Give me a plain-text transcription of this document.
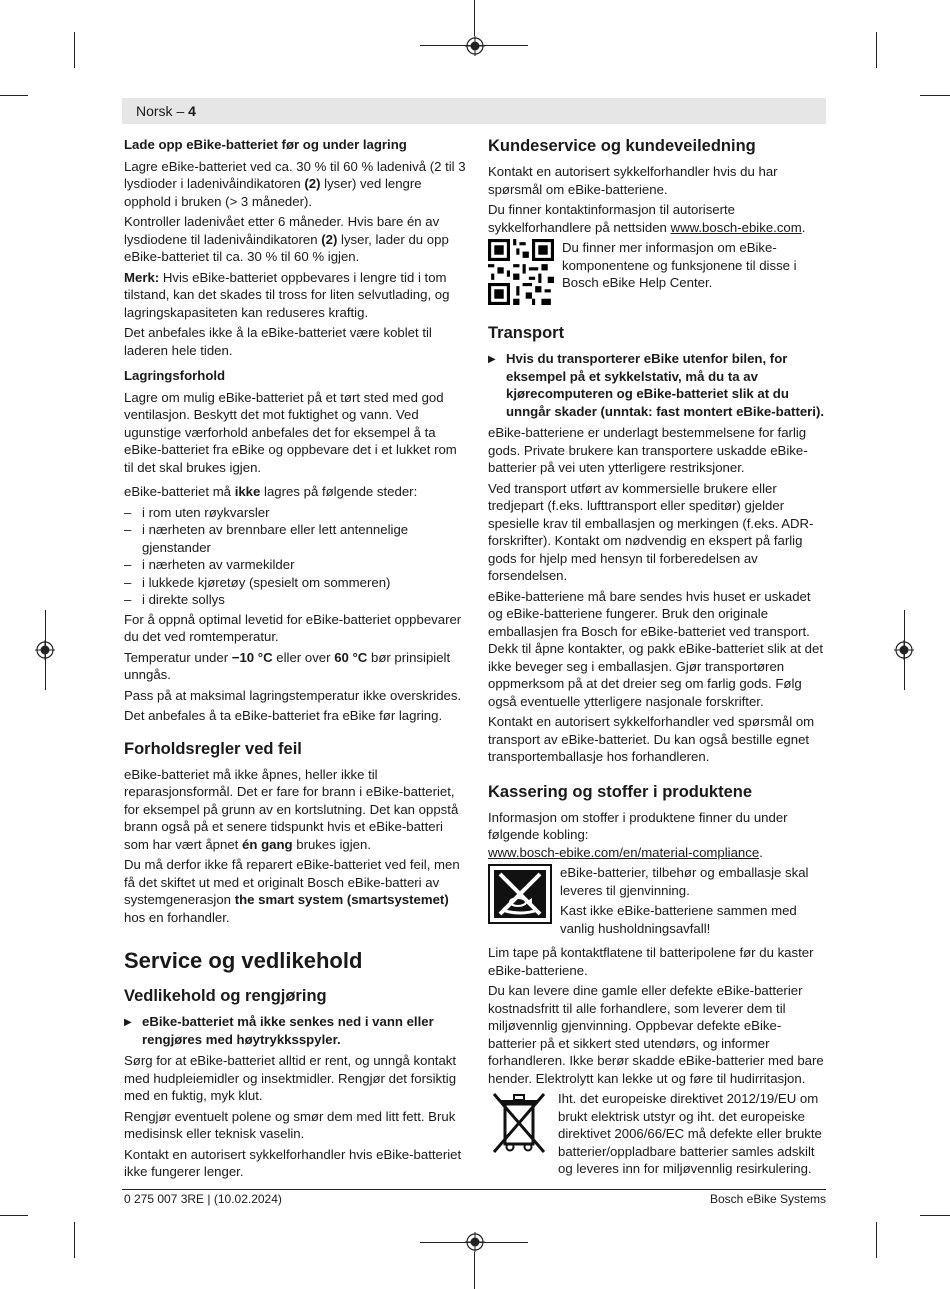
Norsk – 4
Lade opp eBike-batteriet før og under lagring

Lagre eBike-batteriet ved ca. 30 % til 60 % ladenivå (2 til 3 lysdioder i ladenivåindikatoren (2) lyser) ved lengre opphold i bruken (> 3 måneder).

Kontroller ladenivået etter 6 måneder. Hvis bare én av lysdiodene til ladenivåindikatoren (2) lyser, lader du opp eBike-batteriet til ca. 30 % til 60 % igjen.

Merk: Hvis eBike-batteriet oppbevares i lengre tid i tom tilstand, kan det skades til tross for liten selvutlading, og lagringskapasiteten kan reduseres kraftig.

Det anbefales ikke å la eBike-batteriet være koblet til laderen hele tiden.

Lagringsforhold

Lagre om mulig eBike-batteriet på et tørt sted med god ventilasjon. Beskytt det mot fuktighet og vann. Ved ugunstige værforhold anbefales det for eksempel å ta eBike-batteriet fra eBike og oppbevare det i et lukket rom til det skal brukes igjen.

eBike-batteriet må ikke lagres på følgende steder:

– i rom uten røykvarsler
– i nærheten av brennbare eller lett antennelige gjenstander
– i nærheten av varmekilder
– i lukkede kjøretøy (spesielt om sommeren)
– i direkte sollys

For å oppnå optimal levetid for eBike-batteriet oppbevarer du det ved romtemperatur.

Temperatur under −10 °C eller over 60 °C bør prinsipielt unngås.

Pass på at maksimal lagringstemperatur ikke overskrides.

Det anbefales å ta eBike-batteriet fra eBike før lagring.

Forholdsregler ved feil

eBike-batteriet må ikke åpnes, heller ikke til reparasjonsformål. Det er fare for brann i eBike-batteriet, for eksempel på grunn av en kortslutning. Det kan oppstå brann også på et senere tidspunkt hvis et eBike-batteri som har vært åpnet én gang brukes igjen.

Du må derfor ikke få reparert eBike-batteriet ved feil, men få det skiftet ut med et originalt Bosch eBike-batteri av systemgenerasjon the smart system (smartsystemet) hos en forhandler.

Service og vedlikehold
Vedlikehold og rengjøring
▶ eBike-batteriet må ikke senkes ned i vann eller rengjøres med høytrykksspyler.

Sørg for at eBike-batteriet alltid er rent, og unngå kontakt med hudpleiemidler og insektmidler. Rengjør det forsiktig med en fuktig, myk klut.

Rengjør eventuelt polene og smør dem med litt fett. Bruk medisinsk eller teknisk vaselin.

Kontakt en autorisert sykkelforhandler hvis eBike-batteriet ikke fungerer lenger.

Kundeservice og kundeveiledning

Kontakt en autorisert sykkelforhandler hvis du har spørsmål om eBike-batteriene.

Du finner kontaktinformasjon til autoriserte sykkelforhandlere på nettsiden www.bosch-ebike.com.

Du finner mer informasjon om eBike-komponentene og funksjonene til disse i Bosch eBike Help Center.
Transport
▶ Hvis du transporterer eBike utenfor bilen, for eksempel på et sykkelstativ, må du ta av kjørecomputeren og eBike-batteriet slik at du unngår skader (unntak: fast montert eBike-batteri).

eBike-batteriene er underlagt bestemmelsene for farlig gods. Private brukere kan transportere uskadde eBike-batterier på vei uten ytterligere restriksjoner.

Ved transport utført av kommersielle brukere eller tredjepart (f.eks. lufttransport eller speditør) gjelder spesielle krav til emballasjen og merkingen (f.eks. ADR-forskrifter). Kontakt om nødvendig en ekspert på farlig gods for hjelp med hensyn til forberedelsen av forsendelsen.

eBike-batteriene må bare sendes hvis huset er uskadet og eBike-batteriene fungerer. Bruk den originale emballasjen fra Bosch for eBike-batteriet ved transport. Dekk til åpne kontakter, og pakk eBike-batteriet slik at det ikke beveger seg i emballasjen. Gjør transportøren oppmerksom på at det dreier seg om farlig gods. Følg også eventuelle ytterligere nasjonale forskrifter.

Kontakt en autorisert sykkelforhandler ved spørsmål om transport av eBike-batteriet. Du kan også bestille egnet transportemballasje hos forhandleren.

Kassering og stoffer i produktene

Informasjon om stoffer i produktene finner du under følgende kobling:
www.bosch-ebike.com/en/material-compliance.

eBike-batterier, tilbehør og emballasje skal leveres til gjenvinning.

Kast ikke eBike-batteriene sammen med vanlig husholdningsavfall!

Lim tape på kontaktflatene til batteripolene før du kaster eBike-batteriene.

Du kan levere dine gamle eller defekte eBike-batterier kostnadsfritt til alle forhandlere, som leverer dem til miljøvennlig gjenvinning. Oppbevar defekte eBike-batterier på et sikkert sted utendørs, og informer forhandleren. Ikke berør skadde eBike-batterier med bare hender. Elektrolytt kan lekke ut og føre til hudirritasjon.

Iht. det europeiske direktivet 2012/19/EU om brukt elektrisk utstyr og iht. det europeiske direktivet 2006/66/EC må defekte eller brukte batterier/oppladbare batterier samles adskilt og leveres inn for miljøvennlig resirkulering.
0 275 007 3RE | (10.02.2024)	Bosch eBike Systems
